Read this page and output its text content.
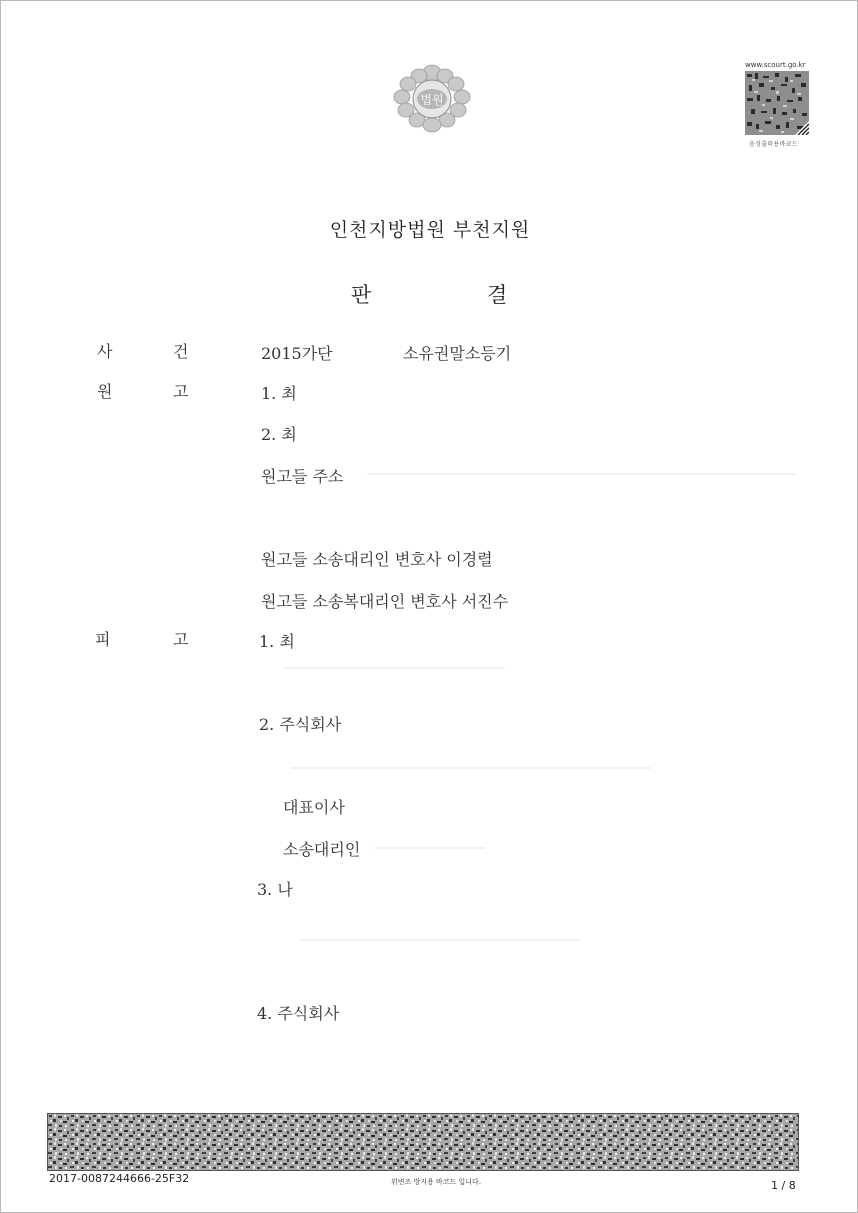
법원
www.scourt.go.kr
음성출력용바코드
인천지방법원 부천지원
판	결
사	건	2015가단	소유권말소등기
원	고	1. 최
2. 최
원고들 주소
원고들 소송대리인 변호사 이경렬
원고들 소송복대리인 변호사 서진수
피	고	1. 최
2. 주식회사
대표이사
소송대리인
3. 나
4. 주식회사
2017-0087244666-25F32	위변조 방지용 바코드 입니다.	1 / 8
